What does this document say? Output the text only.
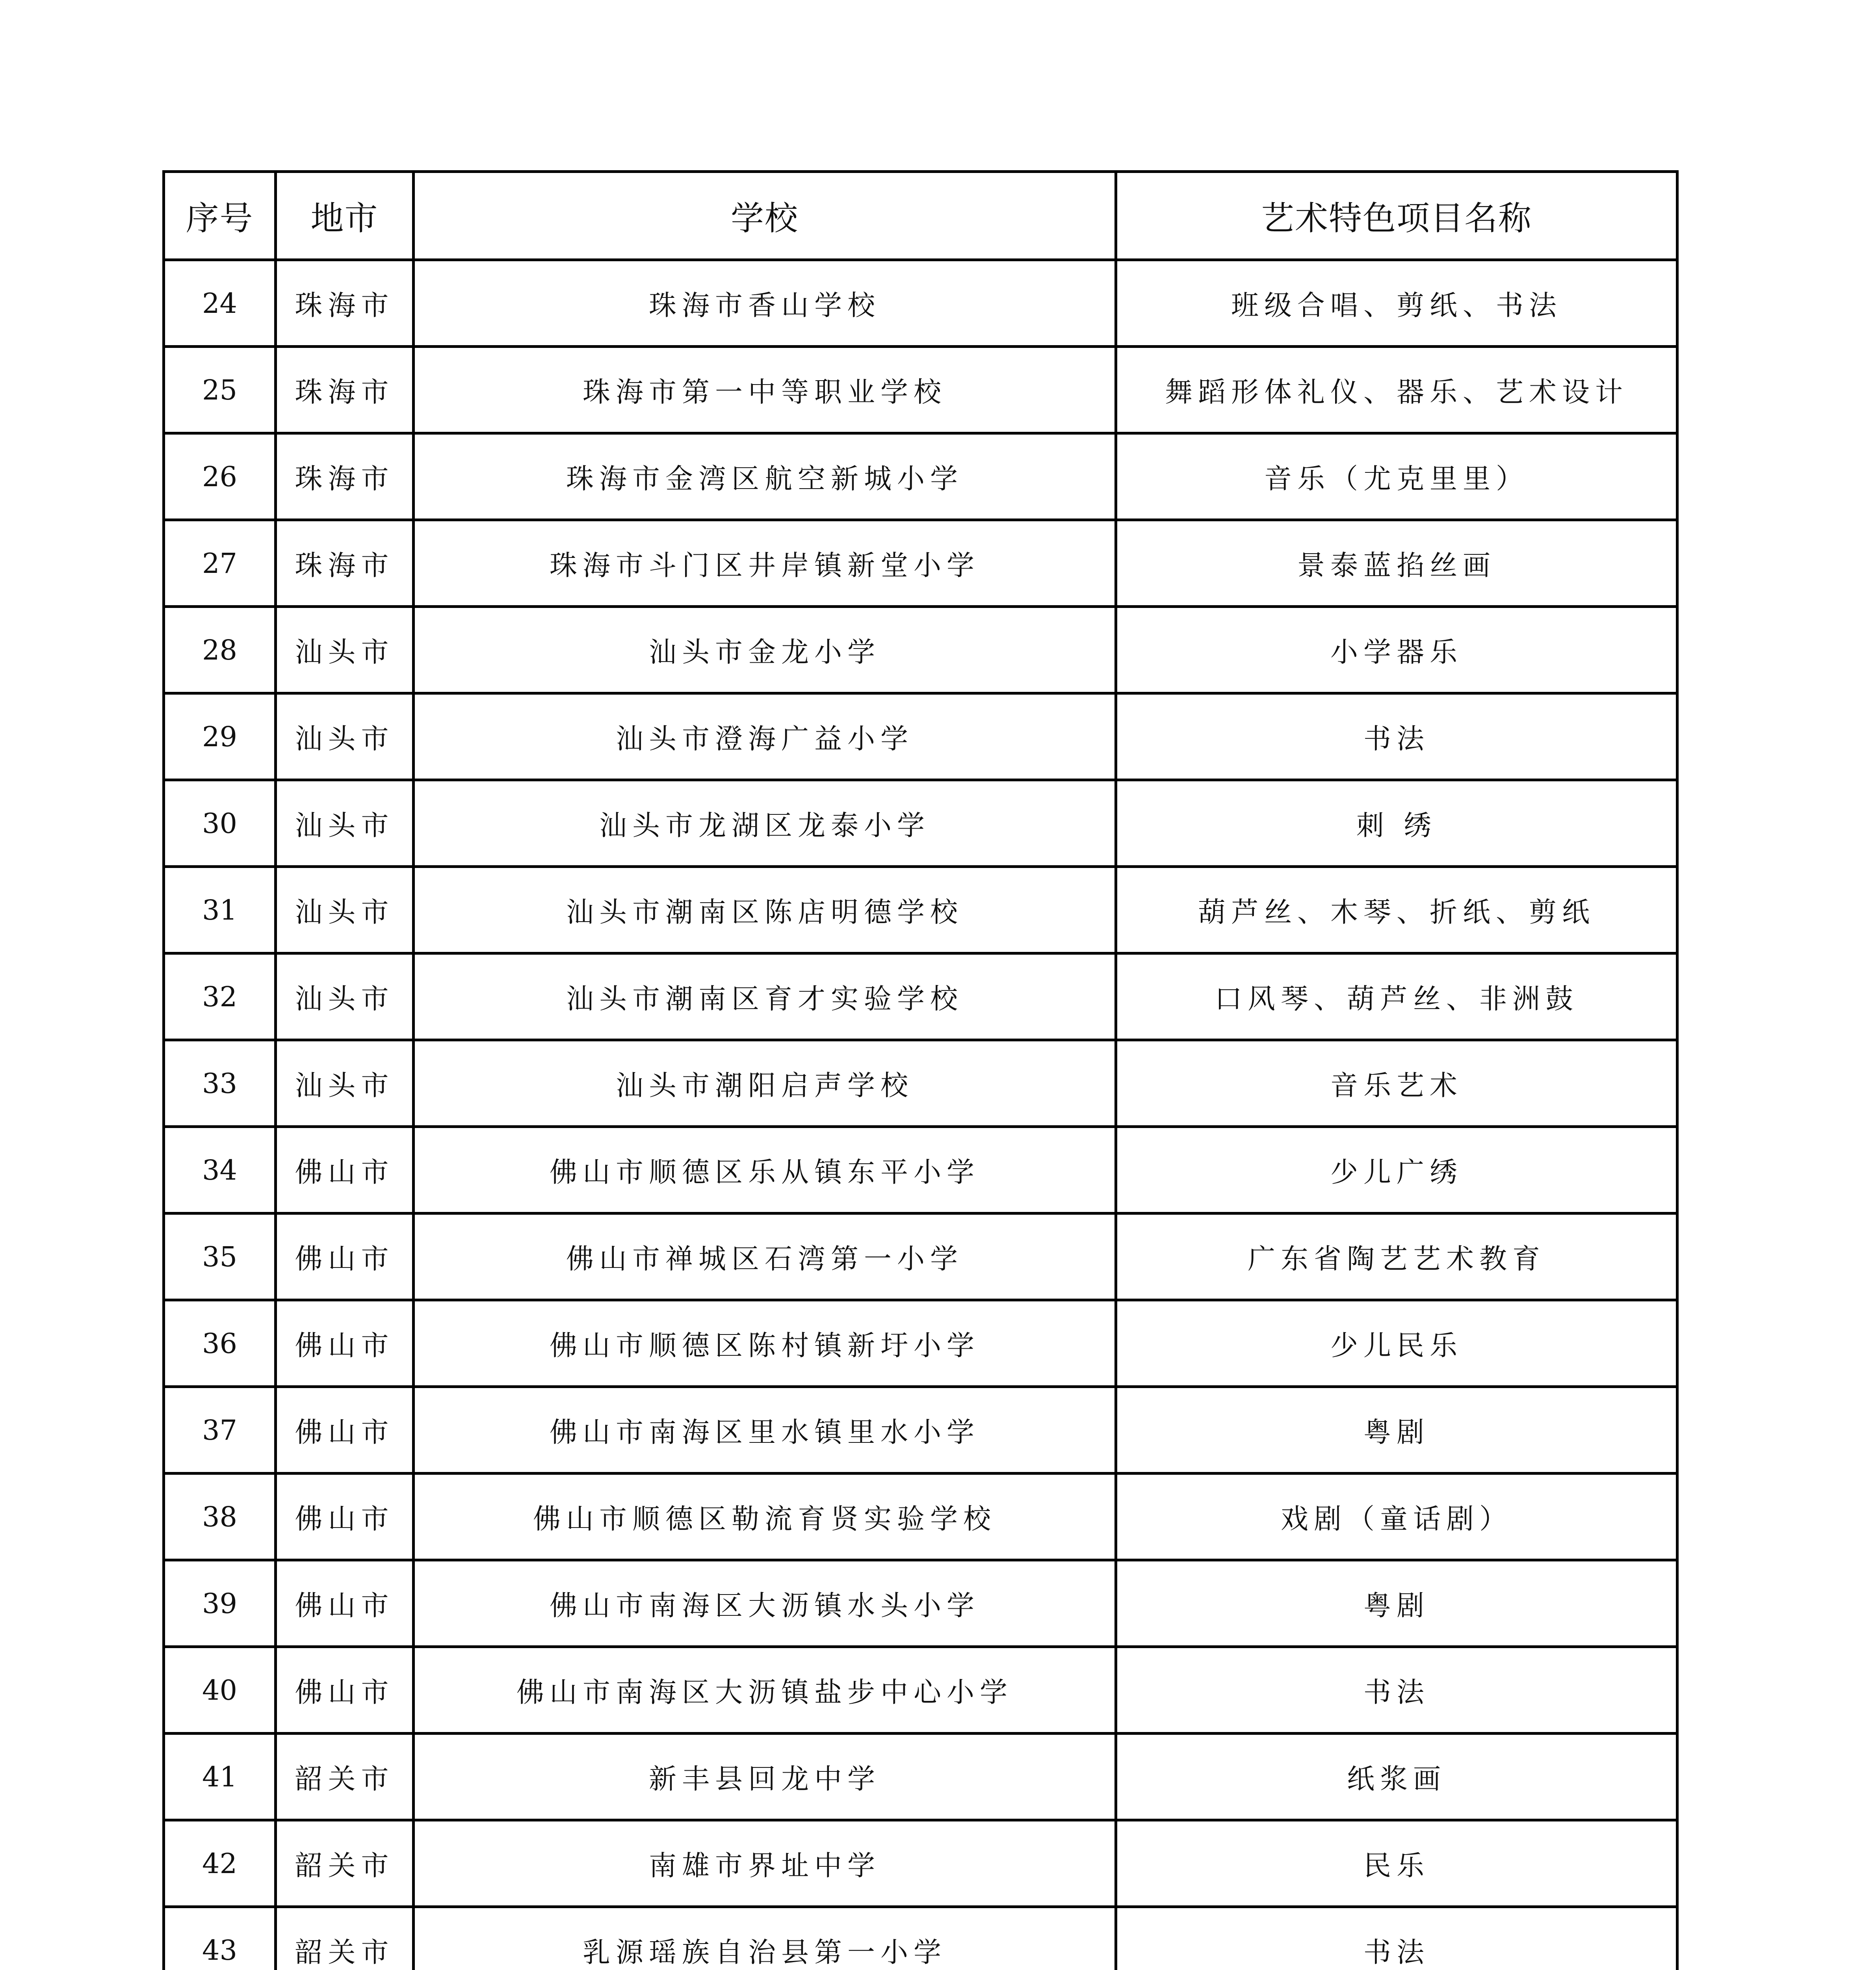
序号	地市	学校	艺术特色项目名称
24	珠海市	珠海市香山学校	班级合唱、剪纸、书法
25	珠海市	珠海市第一中等职业学校	舞蹈形体礼仪、器乐、艺术设计
26	珠海市	珠海市金湾区航空新城小学	音乐（尤克里里）
27	珠海市	珠海市斗门区井岸镇新堂小学	景泰蓝掐丝画
28	汕头市	汕头市金龙小学	小学器乐
29	汕头市	汕头市澄海广益小学	书法
30	汕头市	汕头市龙湖区龙泰小学	刺 绣
31	汕头市	汕头市潮南区陈店明德学校	葫芦丝、木琴、折纸、剪纸
32	汕头市	汕头市潮南区育才实验学校	口风琴、葫芦丝、非洲鼓
33	汕头市	汕头市潮阳启声学校	音乐艺术
34	佛山市	佛山市顺德区乐从镇东平小学	少儿广绣
35	佛山市	佛山市禅城区石湾第一小学	广东省陶艺艺术教育
36	佛山市	佛山市顺德区陈村镇新圩小学	少儿民乐
37	佛山市	佛山市南海区里水镇里水小学	粤剧
38	佛山市	佛山市顺德区勒流育贤实验学校	戏剧（童话剧）
39	佛山市	佛山市南海区大沥镇水头小学	粤剧
40	佛山市	佛山市南海区大沥镇盐步中心小学	书法
41	韶关市	新丰县回龙中学	纸浆画
42	韶关市	南雄市界址中学	民乐
43	韶关市	乳源瑶族自治县第一小学	书法
